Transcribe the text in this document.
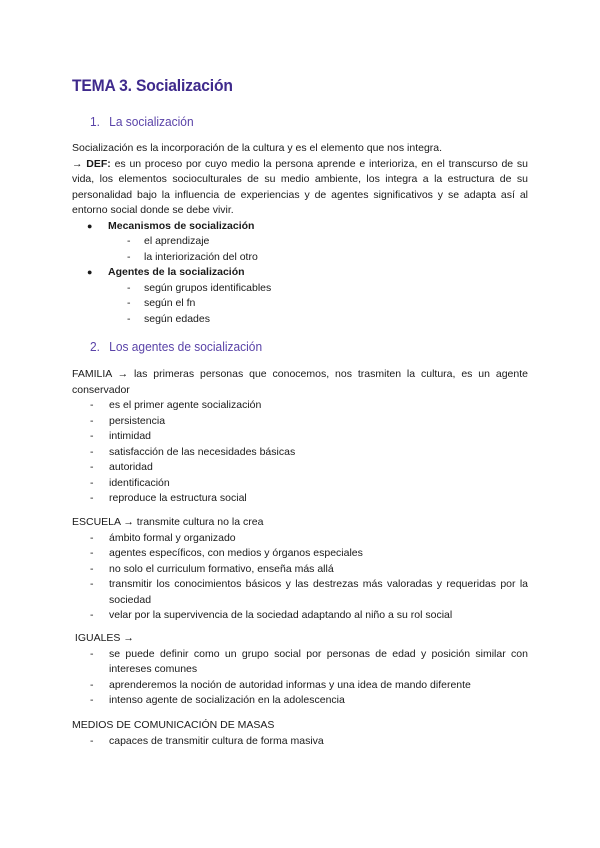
TEMA 3. Socialización
1. La socialización
Socialización es la incorporación de la cultura y es el elemento que nos integra.
→ DEF: es un proceso por cuyo medio la persona aprende e interioriza, en el transcurso de su vida, los elementos socioculturales de su medio ambiente, los integra a la estructura de su personalidad bajo la influencia de experiencias y de agentes significativos y se adapta así al entorno social donde se debe vivir.
● Mecanismos de socialización
- el aprendizaje
- la interiorización del otro
● Agentes de la socialización
- según grupos identificables
- según el fn
- según edades
2. Los agentes de socialización
FAMILIA → las primeras personas que conocemos, nos trasmiten la cultura, es un agente conservador
- es el primer agente socialización
- persistencia
- intimidad
- satisfacción de las necesidades básicas
- autoridad
- identificación
- reproduce la estructura social
ESCUELA → transmite cultura no la crea
- ámbito formal y organizado
- agentes específicos, con medios y órganos especiales
- no solo el curriculum formativo, enseña más allá
- transmitir los conocimientos básicos y las destrezas más valoradas y requeridas por la sociedad
- velar por la supervivencia de la sociedad adaptando al niño a su rol social
IGUALES →
- se puede definir como un grupo social por personas de edad y posición similar con intereses comunes
- aprenderemos la noción de autoridad informas y una idea de mando diferente
- intenso agente de socialización en la adolescencia
MEDIOS DE COMUNICACIÓN DE MASAS
- capaces de transmitir cultura de forma masiva
